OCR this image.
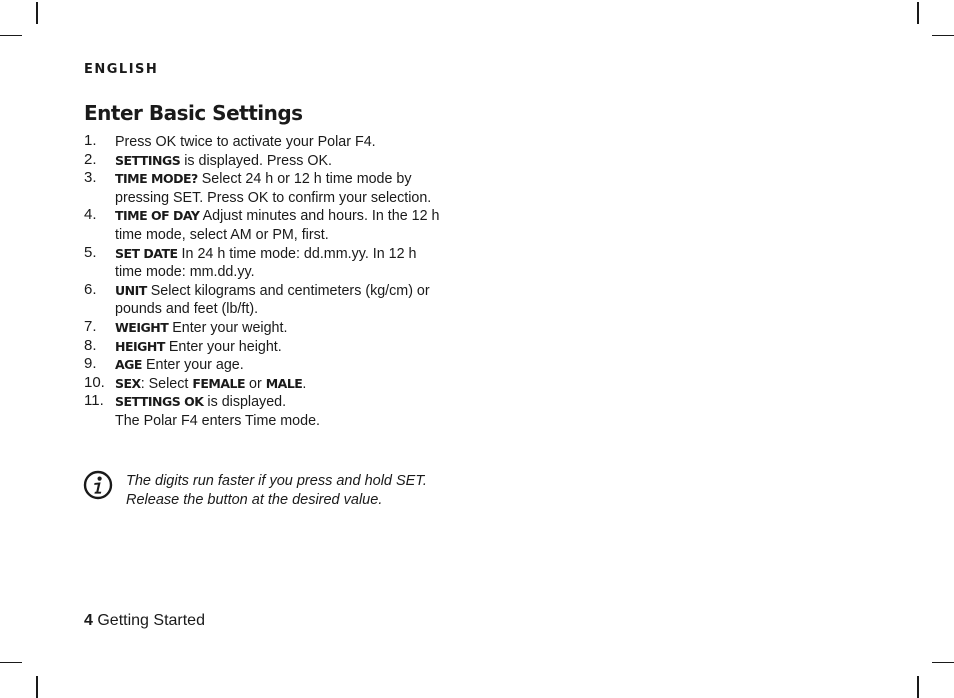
ENGLISH
Enter Basic Settings
1. Press OK twice to activate your Polar F4.
2. SETTINGS is displayed. Press OK.
3. TIME MODE? Select 24 h or 12 h time mode by pressing SET. Press OK to confirm your selection.
4. TIME OF DAY Adjust minutes and hours. In the 12 h time mode, select AM or PM, first.
5. SET DATE In 24 h time mode: dd.mm.yy. In 12 h time mode: mm.dd.yy.
6. UNIT Select kilograms and centimeters (kg/cm) or pounds and feet (lb/ft).
7. WEIGHT Enter your weight.
8. HEIGHT Enter your height.
9. AGE Enter your age.
10. SEX: Select FEMALE or MALE.
11. SETTINGS OK is displayed.
The Polar F4 enters Time mode.
The digits run faster if you press and hold SET. Release the button at the desired value.
4 Getting Started
